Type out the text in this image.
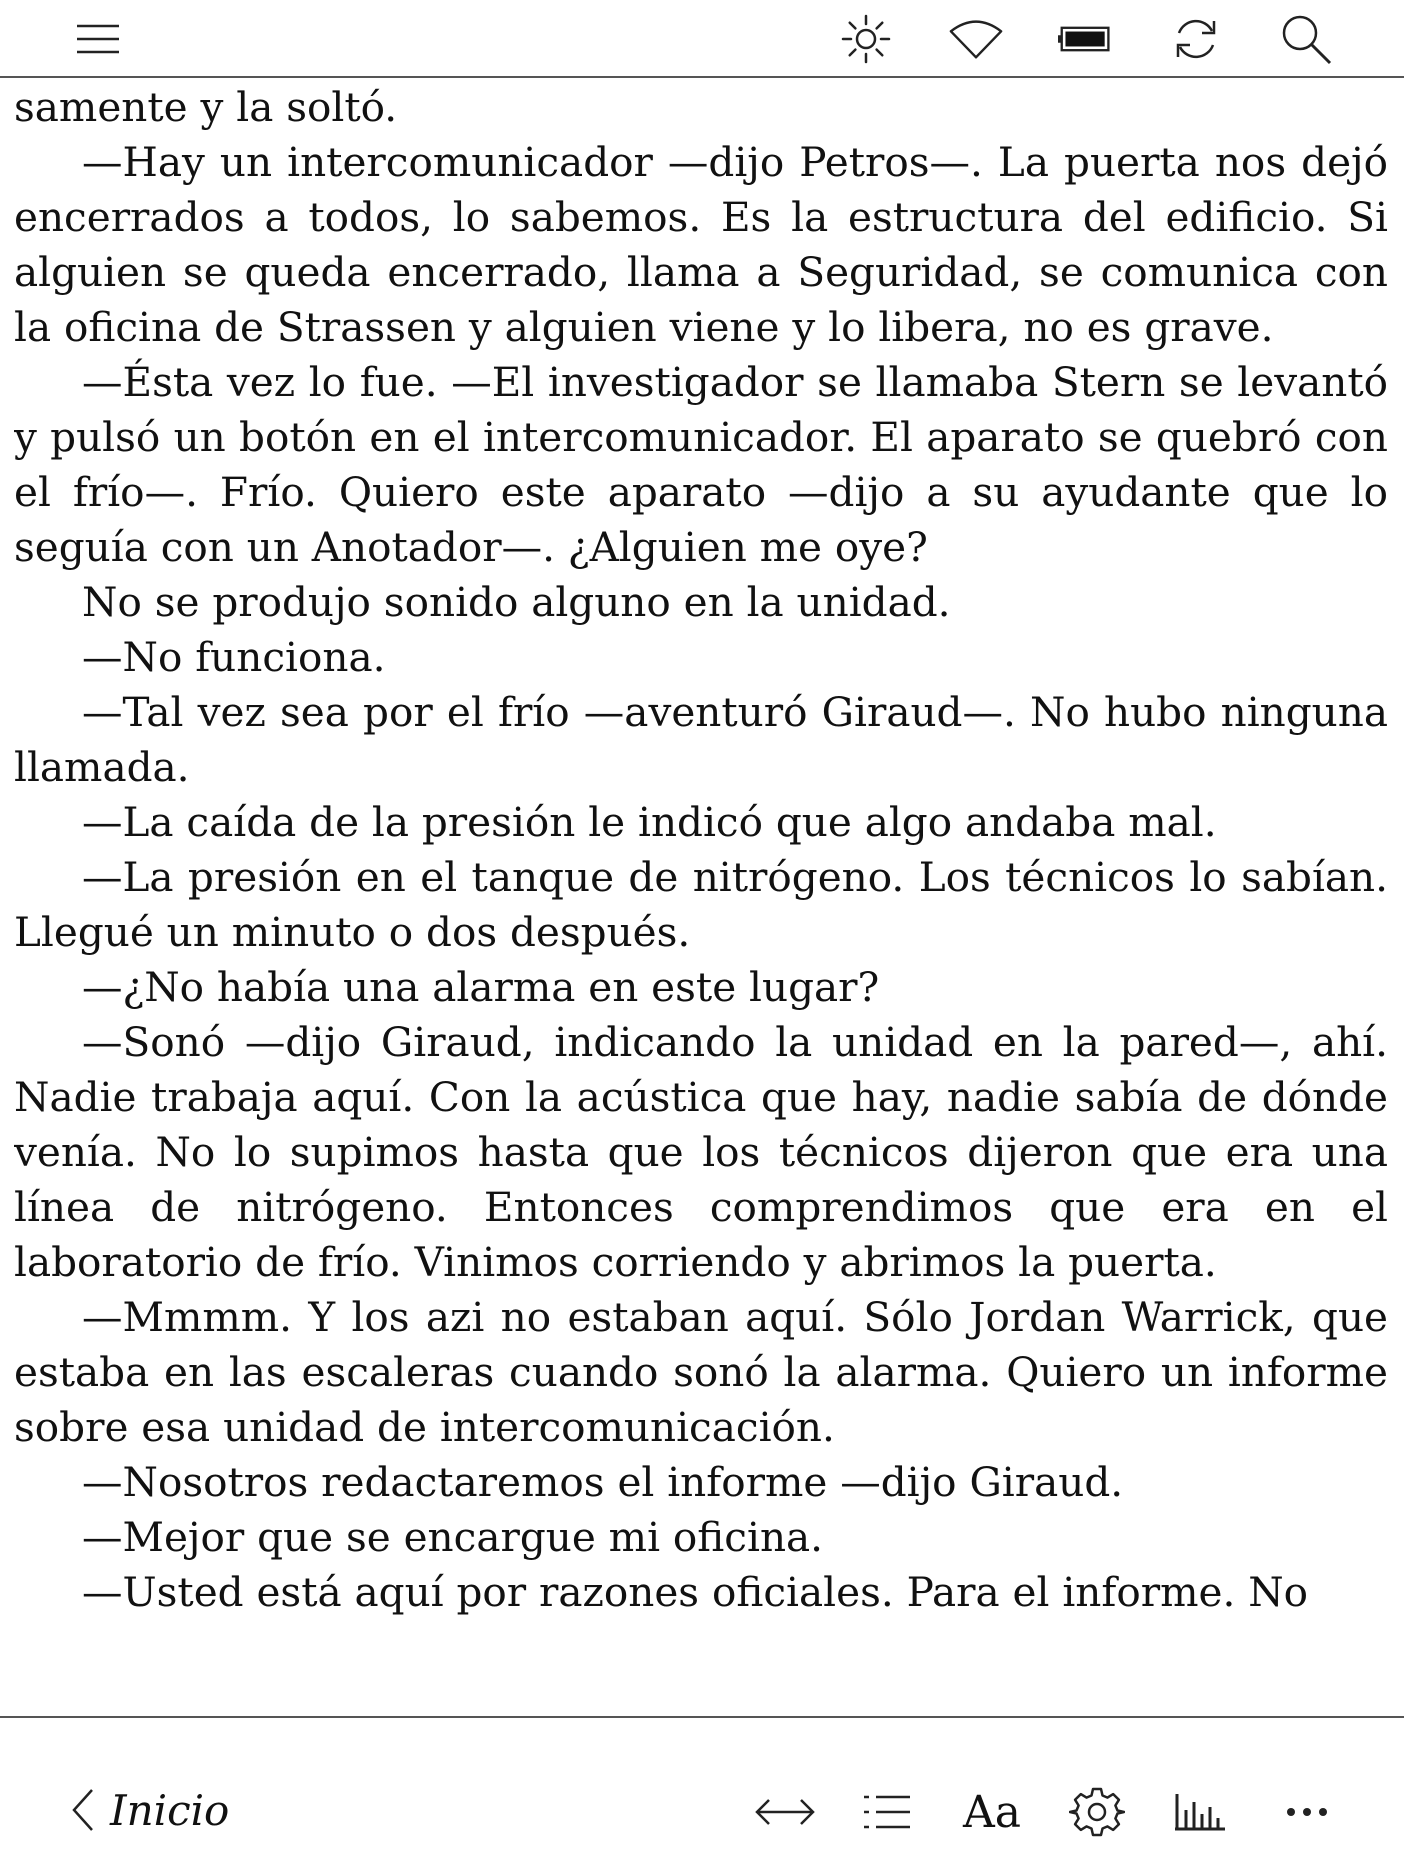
samente y la soltó.

—Hay un intercomunicador —dijo Petros—. La puerta nos dejó encerrados a todos, lo sabemos. Es la estructura del edificio. Si alguien se queda encerrado, llama a Seguridad, se comunica con la oficina de Strassen y alguien viene y lo libera, no es grave.

—Ésta vez lo fue. —El investigador se llamaba Stern se levantó y pulsó un botón en el intercomunicador. El aparato se quebró con el frío—. Frío. Quiero este aparato —dijo a su ayudante que lo seguía con un Anotador—. ¿Alguien me oye?

No se produjo sonido alguno en la unidad.

—No funciona.

—Tal vez sea por el frío —aventuró Giraud—. No hubo ninguna llamada.

—La caída de la presión le indicó que algo andaba mal.

—La presión en el tanque de nitrógeno. Los técnicos lo sabían. Llegué un minuto o dos después.

—¿No había una alarma en este lugar?

—Sonó —dijo Giraud, indicando la unidad en la pared—, ahí. Nadie trabaja aquí. Con la acústica que hay, nadie sabía de dónde venía. No lo supimos hasta que los técnicos dijeron que era una línea de nitrógeno. Entonces comprendimos que era en el laboratorio de frío. Vinimos corriendo y abrimos la puerta.

—Mmmm. Y los azi no estaban aquí. Sólo Jordan Warrick, que estaba en las escaleras cuando sonó la alarma. Quiero un informe sobre esa unidad de intercomunicación.

—Nosotros redactaremos el informe —dijo Giraud.

—Mejor que se encargue mi oficina.

—Usted está aquí por razones oficiales. Para el informe. No

Inicio	Aa
